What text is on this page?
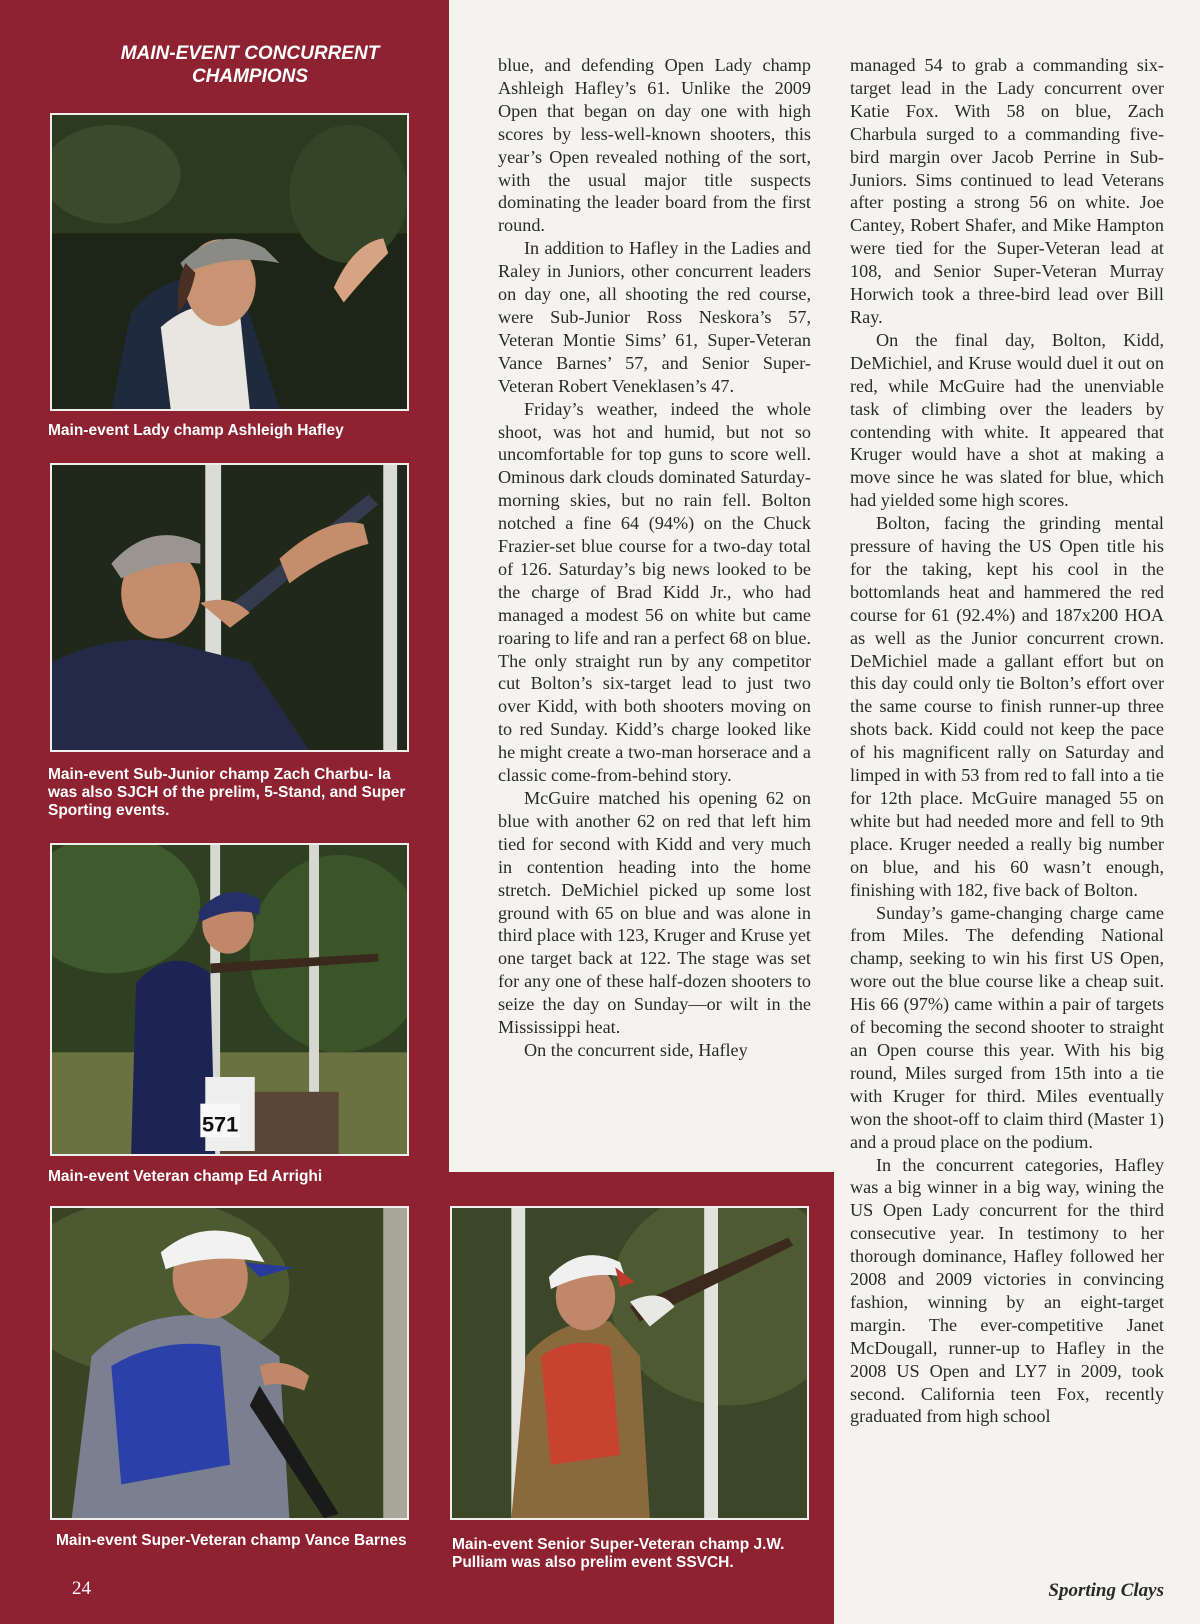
MAIN-EVENT CONCURRENT
CHAMPIONS
Main-event Lady champ Ashleigh Hafley
Main-event Sub-Junior champ Zach Charbu- la was also SJCH of the prelim, 5-Stand, and Super Sporting events.
571
Main-event Veteran champ Ed Arrighi
Main-event Super-Veteran champ Vance Barnes	Main-event Senior Super-Veteran champ J.W. Pulliam was also prelim event SSVCH.
24

blue, and defending Open Lady champ Ashleigh Hafley’s 61. Unlike the 2009 Open that began on day one with high scores by less-well-known shooters, this year’s Open revealed nothing of the sort, with the usual major title suspects dominating the leader board from the first round.

In addition to Hafley in the Ladies and Raley in Juniors, other concurrent leaders on day one, all shooting the red course, were Sub-Junior Ross Neskora’s 57, Veteran Montie Sims’ 61, Super-Veteran Vance Barnes’ 57, and Senior Super-Veteran Robert Veneklasen’s 47.

Friday’s weather, indeed the whole shoot, was hot and humid, but not so uncomfortable for top guns to score well. Ominous dark clouds dominated Saturday-morning skies, but no rain fell. Bolton notched a fine 64 (94%) on the Chuck Frazier-set blue course for a two-day total of 126. Saturday’s big news looked to be the charge of Brad Kidd Jr., who had managed a modest 56 on white but came roaring to life and ran a perfect 68 on blue. The only straight run by any competitor cut Bolton’s six-target lead to just two over Kidd, with both shooters moving on to red Sunday. Kidd’s charge looked like he might create a two-man horserace and a classic come-from-behind story.

McGuire matched his opening 62 on blue with another 62 on red that left him tied for second with Kidd and very much in contention heading into the home stretch. DeMichiel picked up some lost ground with 65 on blue and was alone in third place with 123, Kruger and Kruse yet one target back at 122. The stage was set for any one of these half-dozen shooters to seize the day on Sunday—or wilt in the Mississippi heat.

On the concurrent side, Hafley

managed 54 to grab a commanding six-target lead in the Lady concurrent over Katie Fox. With 58 on blue, Zach Charbula surged to a commanding five-bird margin over Jacob Perrine in Sub-Juniors. Sims continued to lead Veterans after posting a strong 56 on white. Joe Cantey, Robert Shafer, and Mike Hampton were tied for the Super-Veteran lead at 108, and Senior Super-Veteran Murray Horwich took a three-bird lead over Bill Ray.

On the final day, Bolton, Kidd, DeMichiel, and Kruse would duel it out on red, while McGuire had the unenviable task of climbing over the leaders by contending with white. It appeared that Kruger would have a shot at making a move since he was slated for blue, which had yielded some high scores.

Bolton, facing the grinding mental pressure of having the US Open title his for the taking, kept his cool in the bottomlands heat and hammered the red course for 61 (92.4%) and 187x200 HOA as well as the Junior concurrent crown. DeMichiel made a gallant effort but on this day could only tie Bolton’s effort over the same course to finish runner-up three shots back. Kidd could not keep the pace of his magnificent rally on Saturday and limped in with 53 from red to fall into a tie for 12th place. McGuire managed 55 on white but had needed more and fell to 9th place. Kruger needed a really big number on blue, and his 60 wasn’t enough, finishing with 182, five back of Bolton.

Sunday’s game-changing charge came from Miles. The defending National champ, seeking to win his first US Open, wore out the blue course like a cheap suit. His 66 (97%) came within a pair of targets of becoming the second shooter to straight an Open course this year. With his big round, Miles surged from 15th into a tie with Kruger for third. Miles eventually won the shoot-off to claim third (Master 1) and a proud place on the podium.

In the concurrent categories, Hafley was a big winner in a big way, wining the US Open Lady concurrent for the third consecutive year. In testimony to her thorough dominance, Hafley followed her 2008 and 2009 victories in convincing fashion, winning by an eight-target margin. The ever-competitive Janet McDougall, runner-up to Hafley in the 2008 US Open and LY7 in 2009, took second. California teen Fox, recently graduated from high school

Sporting Clays
